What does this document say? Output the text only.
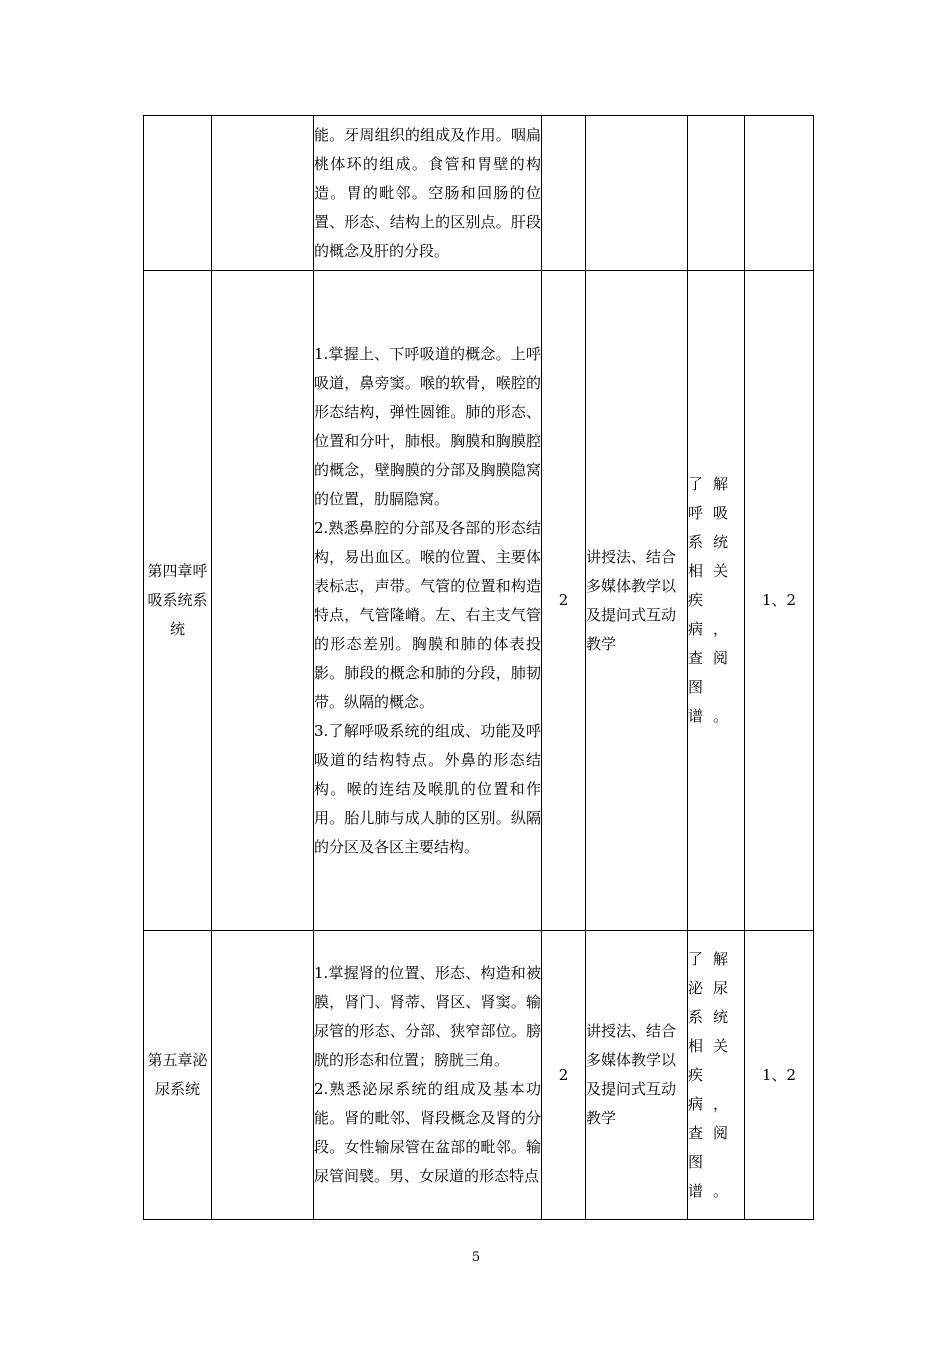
		能。牙周组织的组成及作用。咽扁桃体环的组成。食管和胃壁的构造。胃的毗邻。空肠和回肠的位置、形态、结构上的区别点。肝段的概念及肝的分段。				

第四章呼吸系统系统		1.掌握上、下呼吸道的概念。上呼吸道，鼻旁窦。喉的软骨，喉腔的形态结构，弹性圆锥。肺的形态、位置和分叶，肺根。胸膜和胸膜腔的概念，壁胸膜的分部及胸膜隐窝的位置，肋膈隐窝。

2.熟悉鼻腔的分部及各部的形态结构，易出血区。喉的位置、主要体表标志，声带。气管的位置和构造特点，气管隆嵴。左、右主支气管的形态差别。胸膜和肺的体表投影。肺段的概念和肺的分段，肺韧带。纵隔的概念。

3.了解呼吸系统的组成、功能及呼吸道的结构特点。外鼻的形态结构。喉的连结及喉肌的位置和作用。胎儿肺与成人肺的区别。纵隔的分区及各区主要结构。	2	讲授法、结合多媒体教学以及提问式互动教学	了解呼吸系统相关疾病，查阅图谱。	1、2
第五章泌尿系统		1.掌握肾的位置、形态、构造和被膜，肾门、肾蒂、肾区、肾窦。输尿管的形态、分部、狭窄部位。膀胱的形态和位置；膀胱三角。

2.熟悉泌尿系统的组成及基本功能。肾的毗邻、肾段概念及肾的分段。女性输尿管在盆部的毗邻。输尿管间襞。男、女尿道的形态特点	2	讲授法、结合多媒体教学以及提问式互动教学	了解泌尿系统相关疾病，查阅图谱。	1、2
5
